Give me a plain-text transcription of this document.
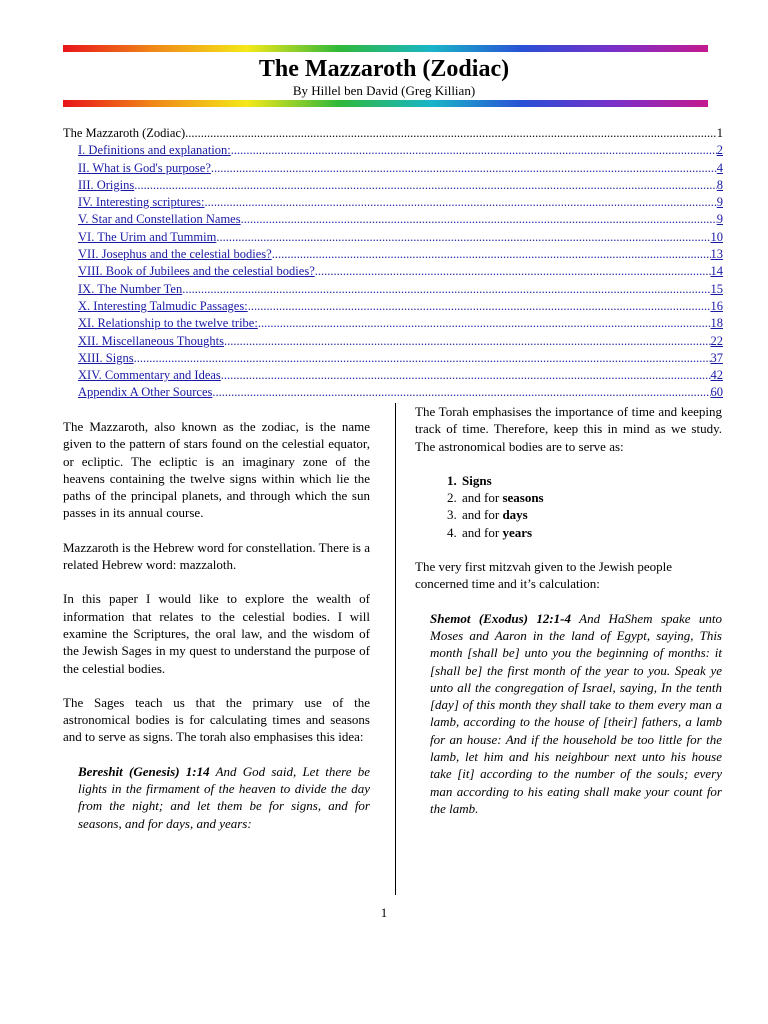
The Mazzaroth (Zodiac)
By Hillel ben David (Greg Killian)
The Mazzaroth (Zodiac) .....	1
I. Definitions and explanation: .....	2
II. What is God's purpose? .....	4
III. Origins .....	8
IV. Interesting scriptures: .....	9
V. Star and Constellation Names .....	9
VI. The Urim and Tummim .....	10
VII. Josephus and the celestial bodies? .....	13
VIII. Book of Jubilees and the celestial bodies? .....	14
IX. The Number Ten .....	15
X. Interesting Talmudic Passages: .....	16
XI. Relationship to the twelve tribe: .....	18
XII. Miscellaneous Thoughts .....	22
XIII. Signs .....	37
XIV. Commentary and Ideas .....	42
Appendix A Other Sources .....	60

The Mazzaroth, also known as the zodiac, is the name given to the pattern of stars found on the celestial equator, or ecliptic. The ecliptic is an imaginary zone of the heavens containing the twelve signs within which lie the paths of the principal planets, and through which the sun passes in its annual course.

Mazzaroth is the Hebrew word for constellation. There is a related Hebrew word: mazzaloth.

In this paper I would like to explore the wealth of information that relates to the celestial bodies. I will examine the Scriptures, the oral law, and the wisdom of the Jewish Sages in my quest to understand the purpose of the celestial bodies.

The Sages teach us that the primary use of the astronomical bodies is for calculating times and seasons and to serve as signs. The torah also emphasises this idea:

Bereshit (Genesis) 1:14 And God said, Let there be lights in the firmament of the heaven to divide the day from the night; and let them be for signs, and for seasons, and for days, and years:

The Torah emphasises the importance of time and keeping track of time. Therefore, keep this in mind as we study. The astronomical bodies are to serve as:

1. Signs
2. and for seasons
3. and for days
4. and for years

The very first mitzvah given to the Jewish people concerned time and it’s calculation:

Shemot (Exodus) 12:1-4 And HaShem spake unto Moses and Aaron in the land of Egypt, saying, This month [shall be] unto you the beginning of months: it [shall be] the first month of the year to you. Speak ye unto all the congregation of Israel, saying, In the tenth [day] of this month they shall take to them every man a lamb, according to the house of [their] fathers, a lamb for an house: And if the household be too little for the lamb, let him and his neighbour next unto his house take [it] according to the number of the souls; every man according to his eating shall make your count for the lamb.

1
